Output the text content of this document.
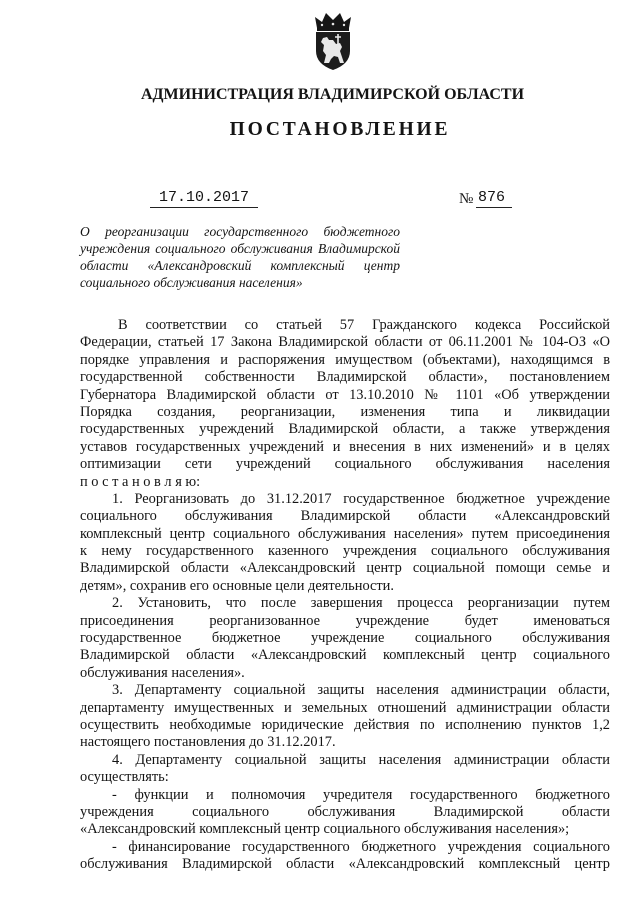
АДМИНИСТРАЦИЯ ВЛАДИМИРСКОЙ ОБЛАСТИ
ПОСТАНОВЛЕНИЕ
17.10.2017	№ 876
О реорганизации государственного бюджетного
учреждения социального обслуживания Владимирской
области «Александровский комплексный центр
социального обслуживания населения»
В соответствии со статьей 57 Гражданского кодекса Российской
Федерации, статьей 17 Закона Владимирской области от 06.11.2001 № 104-ОЗ «О
порядке управления и распоряжения имуществом (объектами), находящимся в
государственной собственности Владимирской области», постановлением
Губернатора Владимирской области от 13.10.2010 № 1101 «Об утверждении
Порядка создания, реорганизации, изменения типа и ликвидации
государственных учреждений Владимирской области, а также утверждения
уставов государственных учреждений и внесения в них изменений» и в целях
оптимизации сети учреждений социального обслуживания населения
п о с т а н о в л я ю:
1. Реорганизовать до 31.12.2017 государственное бюджетное учреждение
социального обслуживания Владимирской области «Александровский
комплексный центр социального обслуживания населения» путем присоединения
к нему государственного казенного учреждения социального обслуживания
Владимирской области «Александровский центр социальной помощи семье и
детям», сохранив его основные цели деятельности.
2. Установить, что после завершения процесса реорганизации путем
присоединения реорганизованное учреждение будет именоваться
государственное бюджетное учреждение социального обслуживания
Владимирской области «Александровский комплексный центр социального
обслуживания населения».
3. Департаменту социальной защиты населения администрации области,
департаменту имущественных и земельных отношений администрации области
осуществить необходимые юридические действия по исполнению пунктов 1,2
настоящего постановления до 31.12.2017.
4. Департаменту социальной защиты населения администрации области
осуществлять:
- функции и полномочия учредителя государственного бюджетного
учреждения социального обслуживания Владимирской области
«Александровский комплексный центр социального обслуживания населения»;
- финансирование государственного бюджетного учреждения социального
обслуживания Владимирской области «Александровский комплексный центр
